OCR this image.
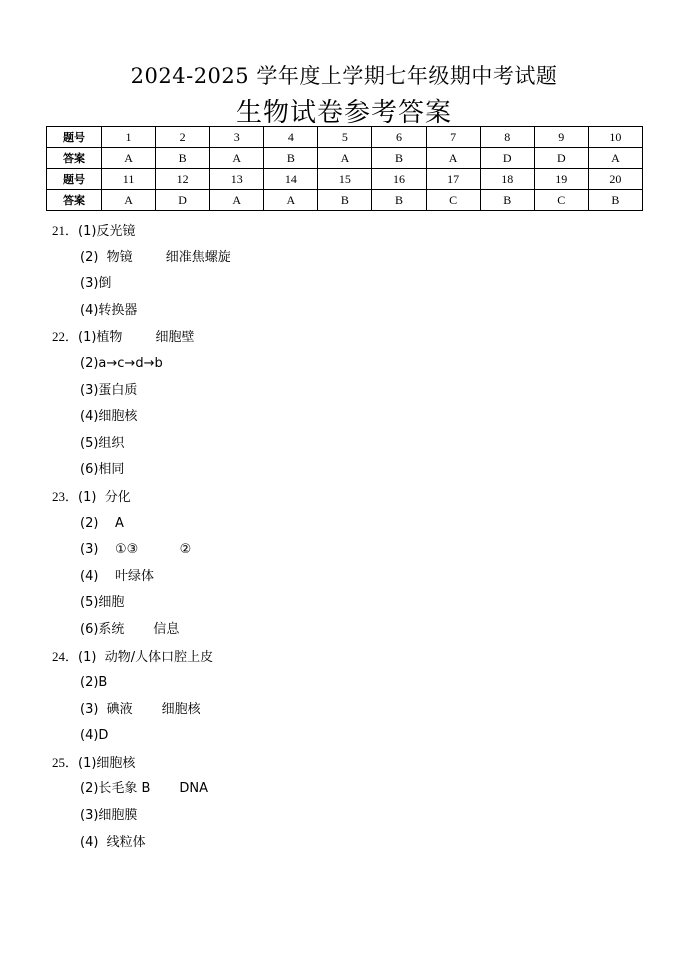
2024-2025 学年度上学期七年级期中考试题
生物试卷参考答案
题号	1	2	3	4	5	6	7	8	9	10
答案	A	B	A	B	A	B	A	D	D	A
题号	11	12	13	14	15	16	17	18	19	20
答案	A	D	A	A	B	B	C	B	C	B
21．(1)反光镜
(2)  物镜        细准焦螺旋
(3)倒
(4)转换器
22．(1)植物        细胞壁
(2)a→c→d→b
(3)蛋白质
(4)细胞核
(5)组织
(6)相同
23．(1)  分化
(2)    A
(3)    ①③          ②
(4)    叶绿体
(5)细胞
(6)系统       信息
24．(1)  动物/人体口腔上皮
(2)B
(3)  碘液       细胞核
(4)D
25．(1)细胞核
(2)长毛象 B       DNA
(3)细胞膜
(4)  线粒体
